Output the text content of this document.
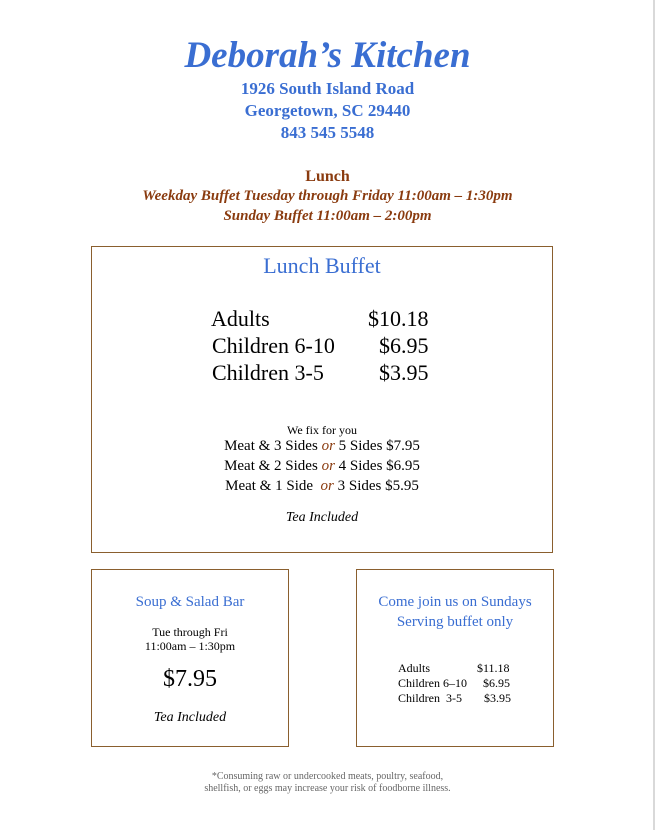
Deborah’s Kitchen
1926 South Island Road
Georgetown, SC 29440
843 545 5548
Lunch
Weekday Buffet Tuesday through Friday 11:00am – 1:30pm
Sunday Buffet 11:00am – 2:00pm
Lunch Buffet
Adults	$10.18
Children 6-10 $6.95
Children 3-5	$3.95
We fix for you
Meat & 3 Sides or 5 Sides $7.95
Meat & 2 Sides or 4 Sides $6.95
Meat & 1 Side or 3 Sides $5.95
Tea Included
Soup & Salad Bar
Tue through Fri
11:00am – 1:30pm
$7.95
Tea Included
Come join us on Sundays
Serving buffet only
Adults	$11.18
Children 6–10 $6.95
Children  3-5 $3.95
*Consuming raw or undercooked meats, poultry, seafood,
shellfish, or eggs may increase your risk of foodborne illness.
